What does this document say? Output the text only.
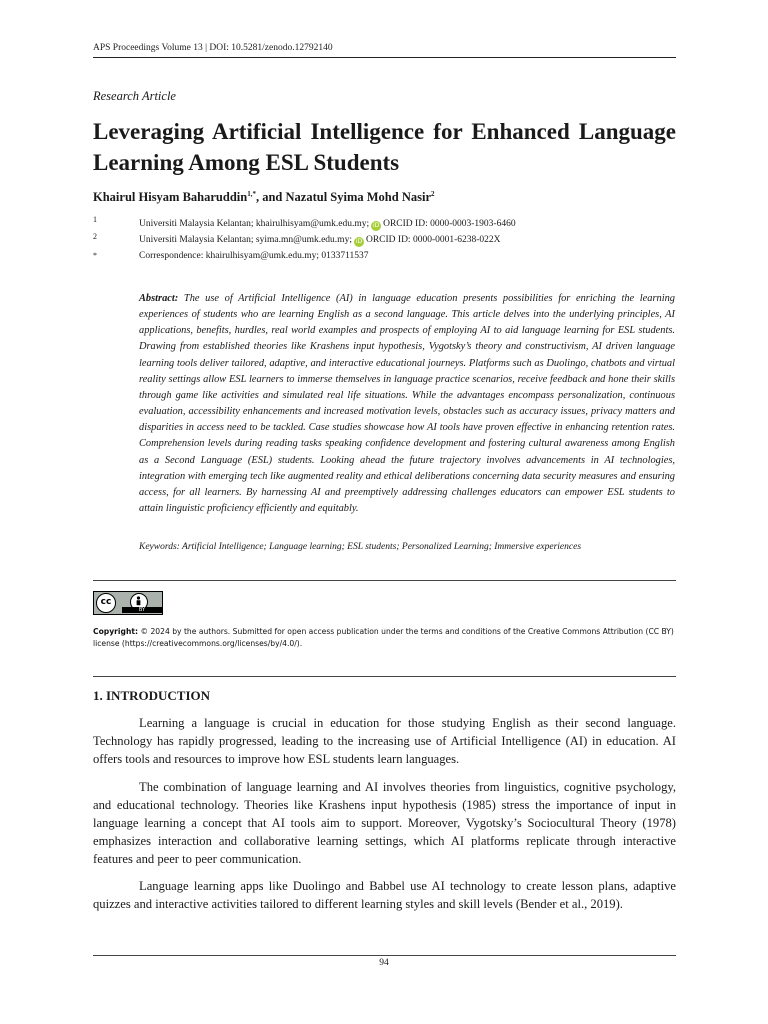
APS Proceedings Volume 13 | DOI: 10.5281/zenodo.12792140
Research Article
Leveraging Artificial Intelligence for Enhanced Language Learning Among ESL Students
Khairul Hisyam Baharuddin$^{1,*}$, and Nazatul Syima Mohd Nasir$^2$
1	Universiti Malaysia Kelantan; khairulhisyam@umk.edu.my; iD ORCID ID: 0000-0003-1903-6460
2	Universiti Malaysia Kelantan; syima.mn@umk.edu.my; iD ORCID ID: 0000-0001-6238-022X
*	Correspondence: khairulhisyam@umk.edu.my; 0133711537
Abstract: The use of Artificial Intelligence (AI) in language education presents possibilities for enriching the learning experiences of students who are learning English as a second language. This article delves into the underlying principles, AI applications, benefits, hurdles, real world examples and prospects of employing AI to aid language learning for ESL students. Drawing from established theories like Krashens input hypothesis, Vygotsky’s theory and constructivism, AI driven language learning tools deliver tailored, adaptive, and interactive educational journeys. Platforms such as Duolingo, chatbots and virtual reality settings allow ESL learners to immerse themselves in language practice scenarios, receive feedback and hone their skills through game like activities and simulated real life situations. While the advantages encompass personalization, continuous evaluation, accessibility enhancements and increased motivation levels, obstacles such as accuracy issues, privacy matters and disparities in access need to be tackled. Case studies showcase how AI tools have proven effective in enhancing retention rates. Comprehension levels during reading tasks speaking confidence development and fostering cultural awareness among English as a Second Language (ESL) students. Looking ahead the future trajectory involves advancements in AI technologies, integration with emerging tech like augmented reality and ethical deliberations concerning data security measures and ensuring access, for all learners. By harnessing AI and preemptively addressing challenges educators can empower ESL students to attain linguistic proficiency efficiently and equitably.
Keywords: Artificial Intelligence; Language learning; ESL students; Personalized Learning; Immersive experiences
cc
BY
Copyright: © 2024 by the authors. Submitted for open access publication under the terms and conditions of the Creative Commons Attribution (CC BY) license (https://creativecommons.org/licenses/by/4.0/).
1. INTRODUCTION
Learning a language is crucial in education for those studying English as their second language. Technology has rapidly progressed, leading to the increasing use of Artificial Intelligence (AI) in education. AI offers tools and resources to improve how ESL students learn languages.
The combination of language learning and AI involves theories from linguistics, cognitive psychology, and educational technology. Theories like Krashens input hypothesis (1985) stress the importance of input in language learning a concept that AI tools aim to support. Moreover, Vygotsky’s Sociocultural Theory (1978) emphasizes interaction and collaborative learning settings, which AI platforms replicate through interactive features and peer to peer communication.
Language learning apps like Duolingo and Babbel use AI technology to create lesson plans, adaptive quizzes and interactive activities tailored to different learning styles and skill levels (Bender et al., 2019).
94
